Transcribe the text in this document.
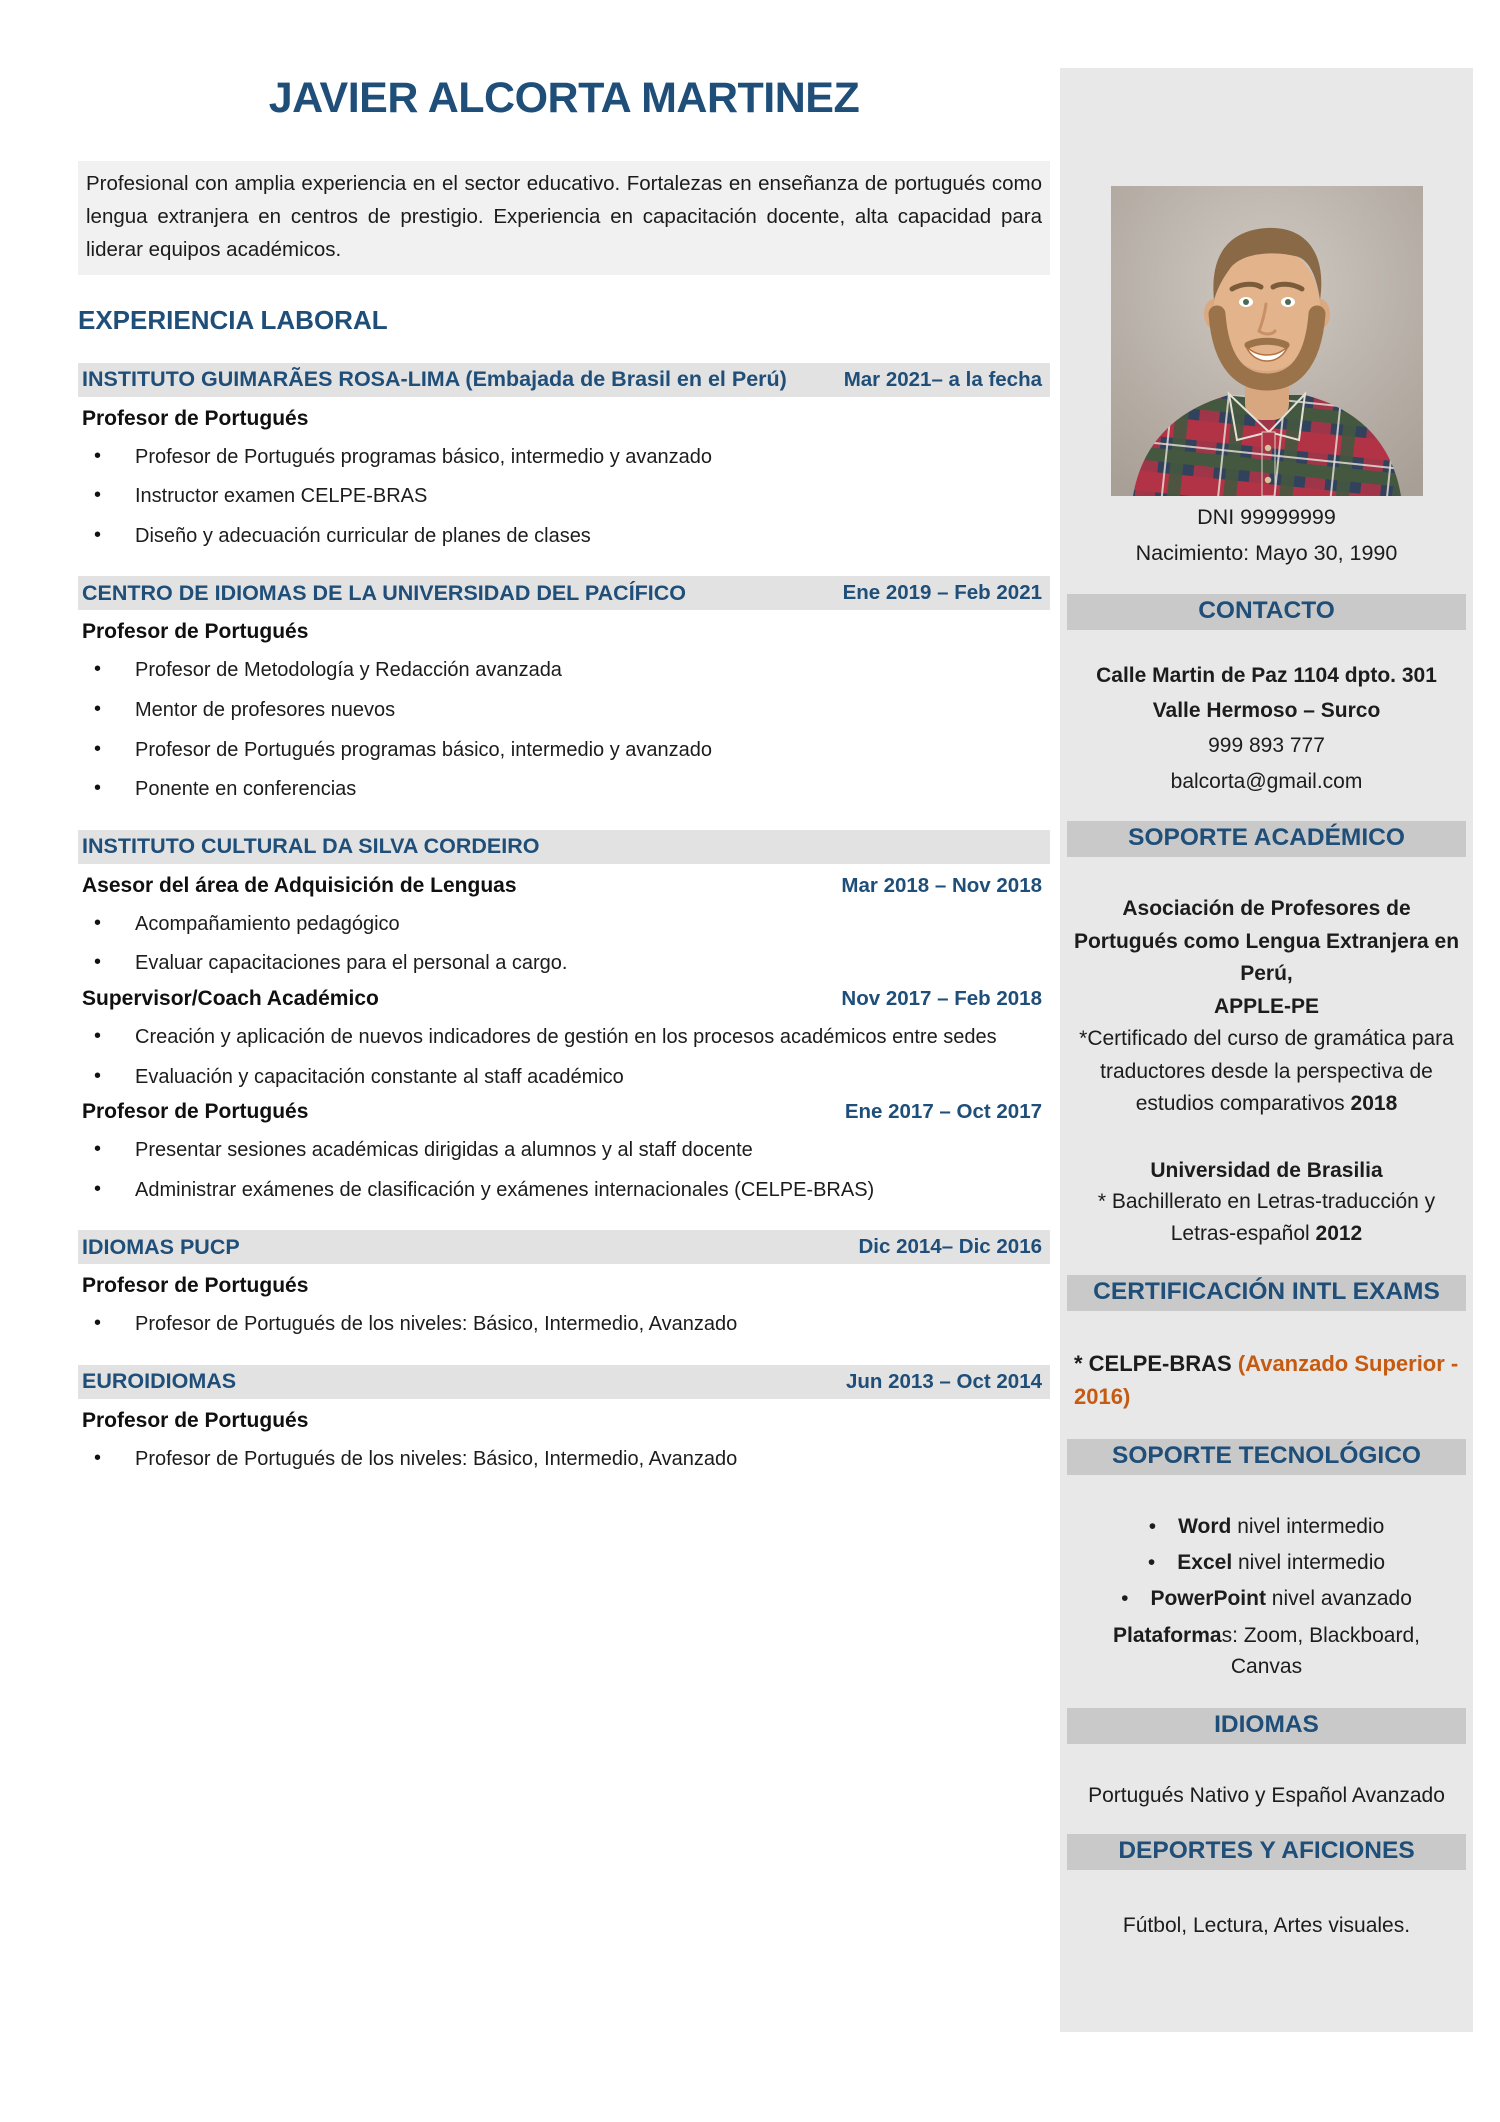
JAVIER ALCORTA MARTINEZ

Profesional con amplia experiencia en el sector educativo. Fortalezas en enseñanza de portugués como lengua extranjera en centros de prestigio. Experiencia en capacitación docente, alta capacidad para liderar equipos académicos.

EXPERIENCIA LABORAL
INSTITUTO GUIMARÃES ROSA-LIMA (Embajada de Brasil en el Perú)	Mar 2021– a la fecha
Profesor de Portugués
• Profesor de Portugués programas básico, intermedio y avanzado
• Instructor examen CELPE-BRAS
• Diseño y adecuación curricular de planes de clases
CENTRO DE IDIOMAS DE LA UNIVERSIDAD DEL PACÍFICO	Ene 2019 – Feb 2021
Profesor de Portugués
• Profesor de Metodología y Redacción avanzada
• Mentor de profesores nuevos
• Profesor de Portugués programas básico, intermedio y avanzado
• Ponente en conferencias
INSTITUTO CULTURAL DA SILVA CORDEIRO
Asesor del área de Adquisición de Lenguas	Mar 2018 – Nov 2018
• Acompañamiento pedagógico
• Evaluar capacitaciones para el personal a cargo.
Supervisor/Coach Académico	Nov 2017 – Feb 2018
• Creación y aplicación de nuevos indicadores de gestión en los procesos académicos entre sedes
• Evaluación y capacitación constante al staff académico
Profesor de Portugués	Ene 2017 – Oct 2017
• Presentar sesiones académicas dirigidas a alumnos y al staff docente
• Administrar exámenes de clasificación y exámenes internacionales (CELPE-BRAS)
IDIOMAS PUCP	Dic 2014– Dic 2016
Profesor de Portugués
• Profesor de Portugués de los niveles: Básico, Intermedio, Avanzado
EUROIDIOMAS	Jun 2013 – Oct 2014
Profesor de Portugués
• Profesor de Portugués de los niveles: Básico, Intermedio, Avanzado

DNI 99999999

Nacimiento: Mayo 30, 1990

CONTACTO

Calle Martin de Paz 1104 dpto. 301

Valle Hermoso – Surco

999 893 777

balcorta@gmail.com

SOPORTE ACADÉMICO

Asociación de Profesores de Portugués como Lengua Extranjera en Perú,
APPLE-PE

*Certificado del curso de gramática para traductores desde la perspectiva de estudios comparativos 2018

Universidad de Brasilia

* Bachillerato en Letras-traducción y Letras-español 2012

CERTIFICACIÓN INTL EXAMS

* CELPE-BRAS (Avanzado Superior - 2016)

SOPORTE TECNOLÓGICO
• Word nivel intermedio
• Excel nivel intermedio
• PowerPoint nivel avanzado

Plataformas: Zoom, Blackboard, Canvas

IDIOMAS

Portugués Nativo y Español Avanzado

DEPORTES Y AFICIONES

Fútbol, Lectura, Artes visuales.
